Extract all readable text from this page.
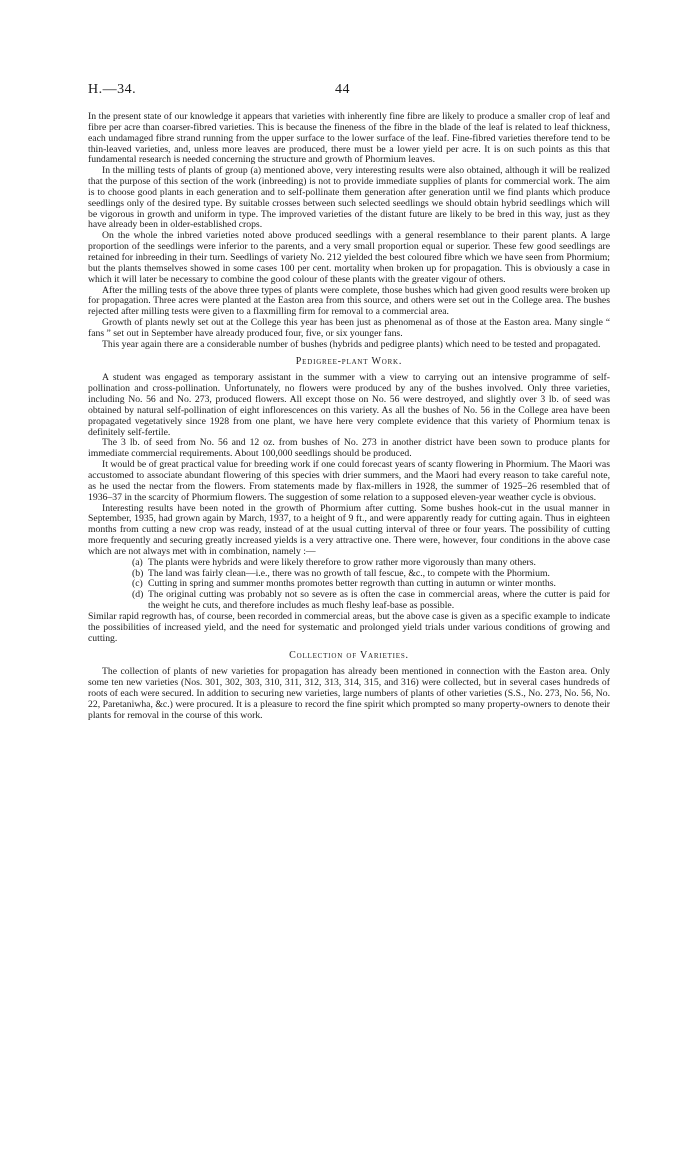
H.—34.	44

In the present state of our knowledge it appears that varieties with inherently fine fibre are likely to produce a smaller crop of leaf and fibre per acre than coarser-fibred varieties. This is because the fineness of the fibre in the blade of the leaf is related to leaf thickness, each undamaged fibre strand running from the upper surface to the lower surface of the leaf. Fine-fibred varieties therefore tend to be thin-leaved varieties, and, unless more leaves are produced, there must be a lower yield per acre. It is on such points as this that fundamental research is needed concerning the structure and growth of Phormium leaves.

In the milling tests of plants of group (a) mentioned above, very interesting results were also obtained, although it will be realized that the purpose of this section of the work (inbreeding) is not to provide immediate supplies of plants for commercial work. The aim is to choose good plants in each generation and to self-pollinate them generation after generation until we find plants which produce seedlings only of the desired type. By suitable crosses between such selected seedlings we should obtain hybrid seedlings which will be vigorous in growth and uniform in type. The improved varieties of the distant future are likely to be bred in this way, just as they have already been in older-established crops.

On the whole the inbred varieties noted above produced seedlings with a general resemblance to their parent plants. A large proportion of the seedlings were inferior to the parents, and a very small proportion equal or superior. These few good seedlings are retained for inbreeding in their turn. Seedlings of variety No. 212 yielded the best coloured fibre which we have seen from Phormium; but the plants themselves showed in some cases 100 per cent. mortality when broken up for propagation. This is obviously a case in which it will later be necessary to combine the good colour of these plants with the greater vigour of others.

After the milling tests of the above three types of plants were complete, those bushes which had given good results were broken up for propagation. Three acres were planted at the Easton area from this source, and others were set out in the College area. The bushes rejected after milling tests were given to a flaxmilling firm for removal to a commercial area.

Growth of plants newly set out at the College this year has been just as phenomenal as of those at the Easton area. Many single “ fans ” set out in September have already produced four, five, or six younger fans.

This year again there are a considerable number of bushes (hybrids and pedigree plants) which need to be tested and propagated.

Pedigree-plant Work.

A student was engaged as temporary assistant in the summer with a view to carrying out an intensive programme of self-pollination and cross-pollination. Unfortunately, no flowers were produced by any of the bushes involved. Only three varieties, including No. 56 and No. 273, produced flowers. All except those on No. 56 were destroyed, and slightly over 3 lb. of seed was obtained by natural self-pollination of eight inflorescences on this variety. As all the bushes of No. 56 in the College area have been propagated vegetatively since 1928 from one plant, we have here very complete evidence that this variety of Phormium tenax is definitely self-fertile.

The 3 lb. of seed from No. 56 and 12 oz. from bushes of No. 273 in another district have been sown to produce plants for immediate commercial requirements. About 100,000 seedlings should be produced.

It would be of great practical value for breeding work if one could forecast years of scanty flowering in Phormium. The Maori was accustomed to associate abundant flowering of this species with drier summers, and the Maori had every reason to take careful note, as he used the nectar from the flowers. From statements made by flax-millers in 1928, the summer of 1925–26 resembled that of 1936–37 in the scarcity of Phormium flowers. The suggestion of some relation to a supposed eleven-year weather cycle is obvious.

Interesting results have been noted in the growth of Phormium after cutting. Some bushes hook-cut in the usual manner in September, 1935, had grown again by March, 1937, to a height of 9 ft., and were apparently ready for cutting again. Thus in eighteen months from cutting a new crop was ready, instead of at the usual cutting interval of three or four years. The possibility of cutting more frequently and securing greatly increased yields is a very attractive one. There were, however, four conditions in the above case which are not always met with in combination, namely :—

(a) The plants were hybrids and were likely therefore to grow rather more vigorously than many others.
(b) The land was fairly clean—i.e., there was no growth of tall fescue, &c., to compete with the Phormium.
(c) Cutting in spring and summer months promotes better regrowth than cutting in autumn or winter months.
(d) The original cutting was probably not so severe as is often the case in commercial areas, where the cutter is paid for the weight he cuts, and therefore includes as much fleshy leaf-base as possible.

Similar rapid regrowth has, of course, been recorded in commercial areas, but the above case is given as a specific example to indicate the possibilities of increased yield, and the need for systematic and prolonged yield trials under various conditions of growing and cutting.

Collection of Varieties.

The collection of plants of new varieties for propagation has already been mentioned in connection with the Easton area. Only some ten new varieties (Nos. 301, 302, 303, 310, 311, 312, 313, 314, 315, and 316) were collected, but in several cases hundreds of roots of each were secured. In addition to securing new varieties, large numbers of plants of other varieties (S.S., No. 273, No. 56, No. 22, Paretaniwha, &c.) were procured. It is a pleasure to record the fine spirit which prompted so many property-owners to denote their plants for removal in the course of this work.
